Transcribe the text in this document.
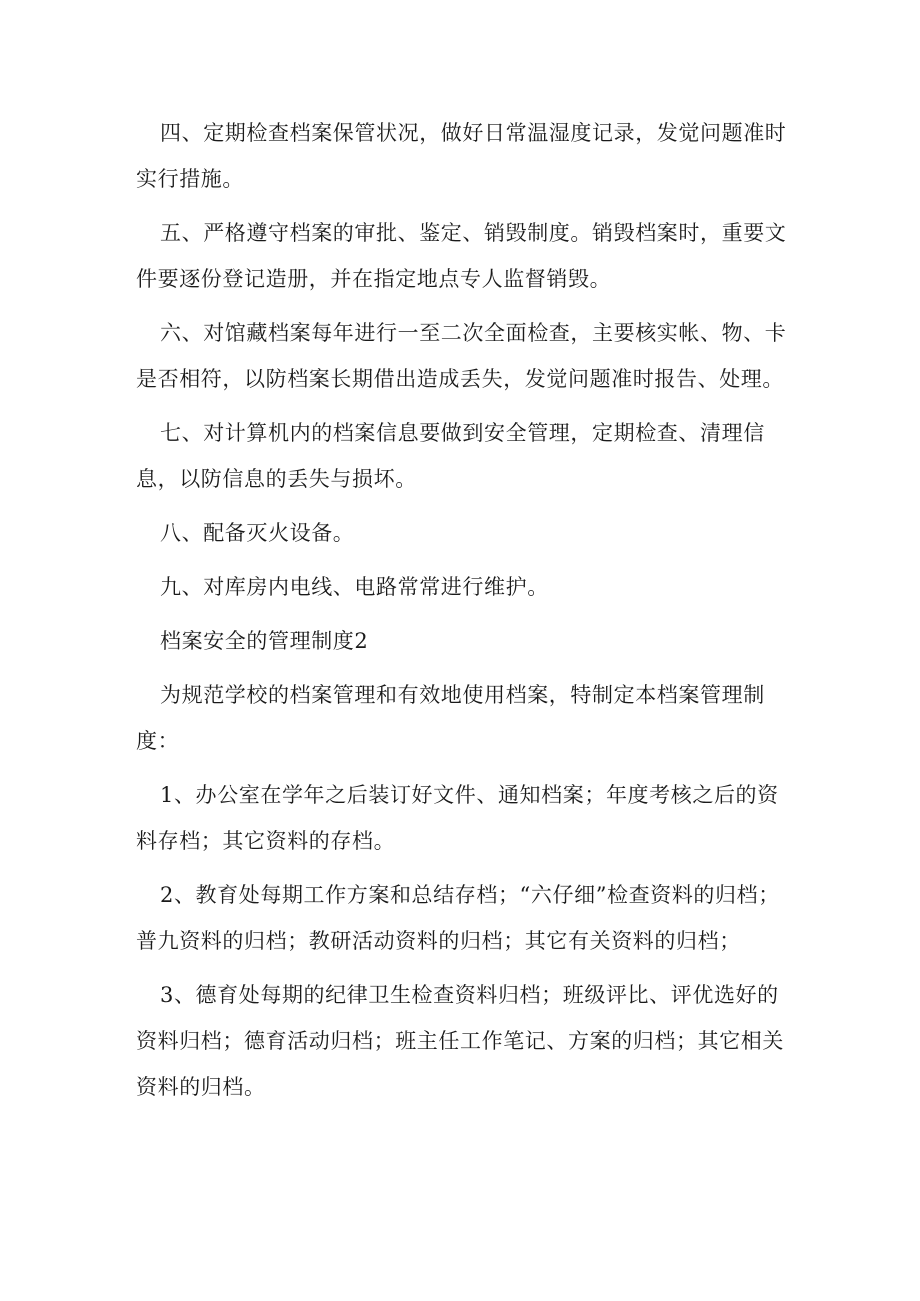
四、定期检查档案保管状况，做好日常温湿度记录，发觉问题准时实行措施。

五、严格遵守档案的审批、鉴定、销毁制度。销毁档案时，重要文件要逐份登记造册，并在指定地点专人监督销毁。

六、对馆藏档案每年进行一至二次全面检查，主要核实帐、物、卡是否相符，以防档案长期借出造成丢失，发觉问题准时报告、处理。

七、对计算机内的档案信息要做到安全管理，定期检查、清理信息，以防信息的丢失与损坏。

八、配备灭火设备。

九、对库房内电线、电路常常进行维护。

档案安全的管理制度2

为规范学校的档案管理和有效地使用档案，特制定本档案管理制度：

1、办公室在学年之后装订好文件、通知档案；年度考核之后的资料存档；其它资料的存档。

2、教育处每期工作方案和总结存档；“六仔细”检查资料的归档；普九资料的归档；教研活动资料的归档；其它有关资料的归档；

3、德育处每期的纪律卫生检查资料归档；班级评比、评优选好的资料归档；德育活动归档；班主任工作笔记、方案的归档；其它相关资料的归档。
